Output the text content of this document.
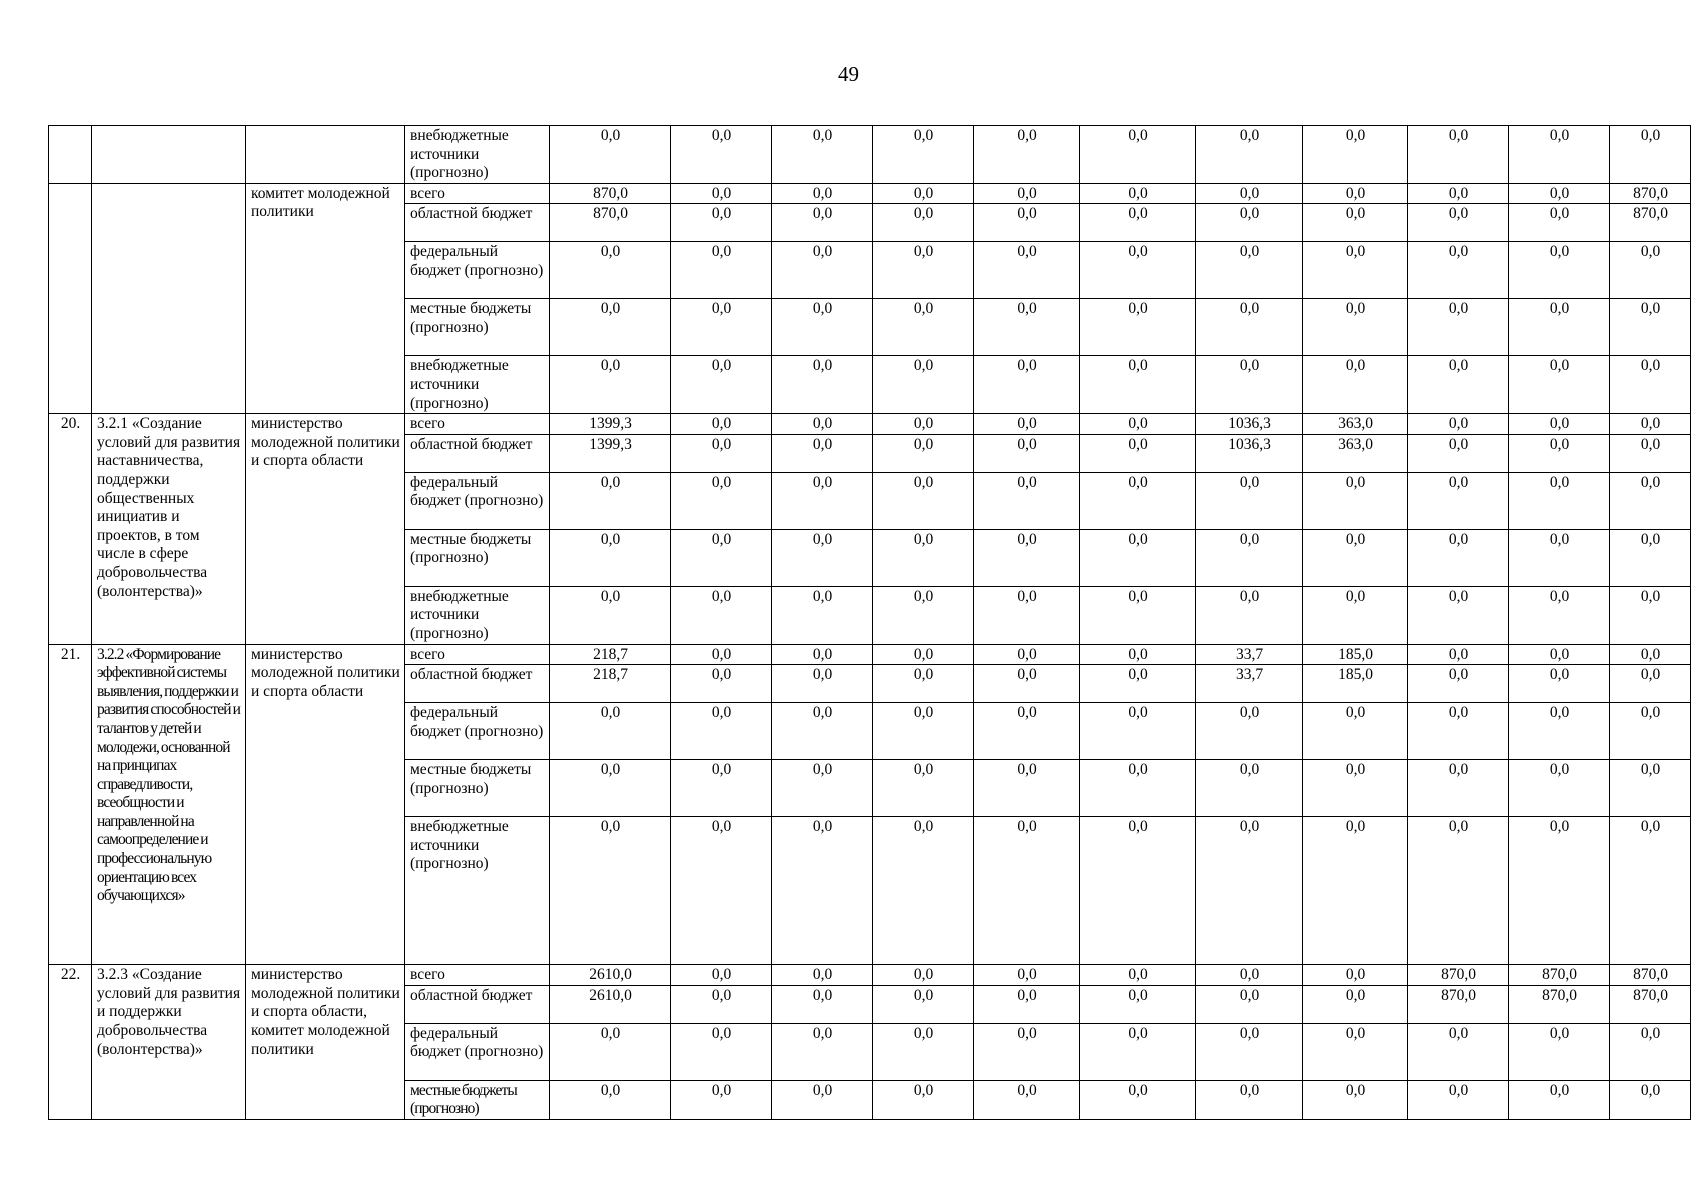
49
			внебюджетные источники (прогнозно)	0,0	0,0	0,0	0,0	0,0	0,0	0,0	0,0	0,0	0,0	0,0
		комитет молодежной политики	всего	870,0	0,0	0,0	0,0	0,0	0,0	0,0	0,0	0,0	0,0	870,0
			областной бюджет	870,0	0,0	0,0	0,0	0,0	0,0	0,0	0,0	0,0	0,0	870,0
			федеральный бюджет (прогнозно)	0,0	0,0	0,0	0,0	0,0	0,0	0,0	0,0	0,0	0,0	0,0
			местные бюджеты (прогнозно)	0,0	0,0	0,0	0,0	0,0	0,0	0,0	0,0	0,0	0,0	0,0
			внебюджетные источники (прогнозно)	0,0	0,0	0,0	0,0	0,0	0,0	0,0	0,0	0,0	0,0	0,0
20.	3.2.1 «Создание условий для развития наставничества, поддержки общественных инициатив и проектов, в том числе в сфере добровольчества (волонтерства)»	министерство молодежной политики и спорта области	всего	1399,3	0,0	0,0	0,0	0,0	0,0	1036,3	363,0	0,0	0,0	0,0
			областной бюджет	1399,3	0,0	0,0	0,0	0,0	0,0	1036,3	363,0	0,0	0,0	0,0
			федеральный бюджет (прогнозно)	0,0	0,0	0,0	0,0	0,0	0,0	0,0	0,0	0,0	0,0	0,0
			местные бюджеты (прогнозно)	0,0	0,0	0,0	0,0	0,0	0,0	0,0	0,0	0,0	0,0	0,0
			внебюджетные источники (прогнозно)	0,0	0,0	0,0	0,0	0,0	0,0	0,0	0,0	0,0	0,0	0,0
21.	3.2.2 «Формирование эффективной системы выявления, поддержки и развития способностей и талантов у детей и молодежи, основанной на принципах справедливости, всеобщности и направленной на самоопределение и профессиональную ориентацию всех обучающихся»	министерство молодежной политики и спорта области	всего	218,7	0,0	0,0	0,0	0,0	0,0	33,7	185,0	0,0	0,0	0,0
			областной бюджет	218,7	0,0	0,0	0,0	0,0	0,0	33,7	185,0	0,0	0,0	0,0
			федеральный бюджет (прогнозно)	0,0	0,0	0,0	0,0	0,0	0,0	0,0	0,0	0,0	0,0	0,0
			местные бюджеты (прогнозно)	0,0	0,0	0,0	0,0	0,0	0,0	0,0	0,0	0,0	0,0	0,0
			внебюджетные источники (прогнозно)	0,0	0,0	0,0	0,0	0,0	0,0	0,0	0,0	0,0	0,0	0,0
22.	3.2.3 «Создание условий для развития и поддержки добровольчества (волонтерства)»	министерство молодежной политики и спорта области, комитет молодежной политики	всего	2610,0	0,0	0,0	0,0	0,0	0,0	0,0	0,0	870,0	870,0	870,0
			областной бюджет	2610,0	0,0	0,0	0,0	0,0	0,0	0,0	0,0	870,0	870,0	870,0
			федеральный бюджет (прогнозно)	0,0	0,0	0,0	0,0	0,0	0,0	0,0	0,0	0,0	0,0	0,0
			местные бюджеты (прогнозно)	0,0	0,0	0,0	0,0	0,0	0,0	0,0	0,0	0,0	0,0	0,0
